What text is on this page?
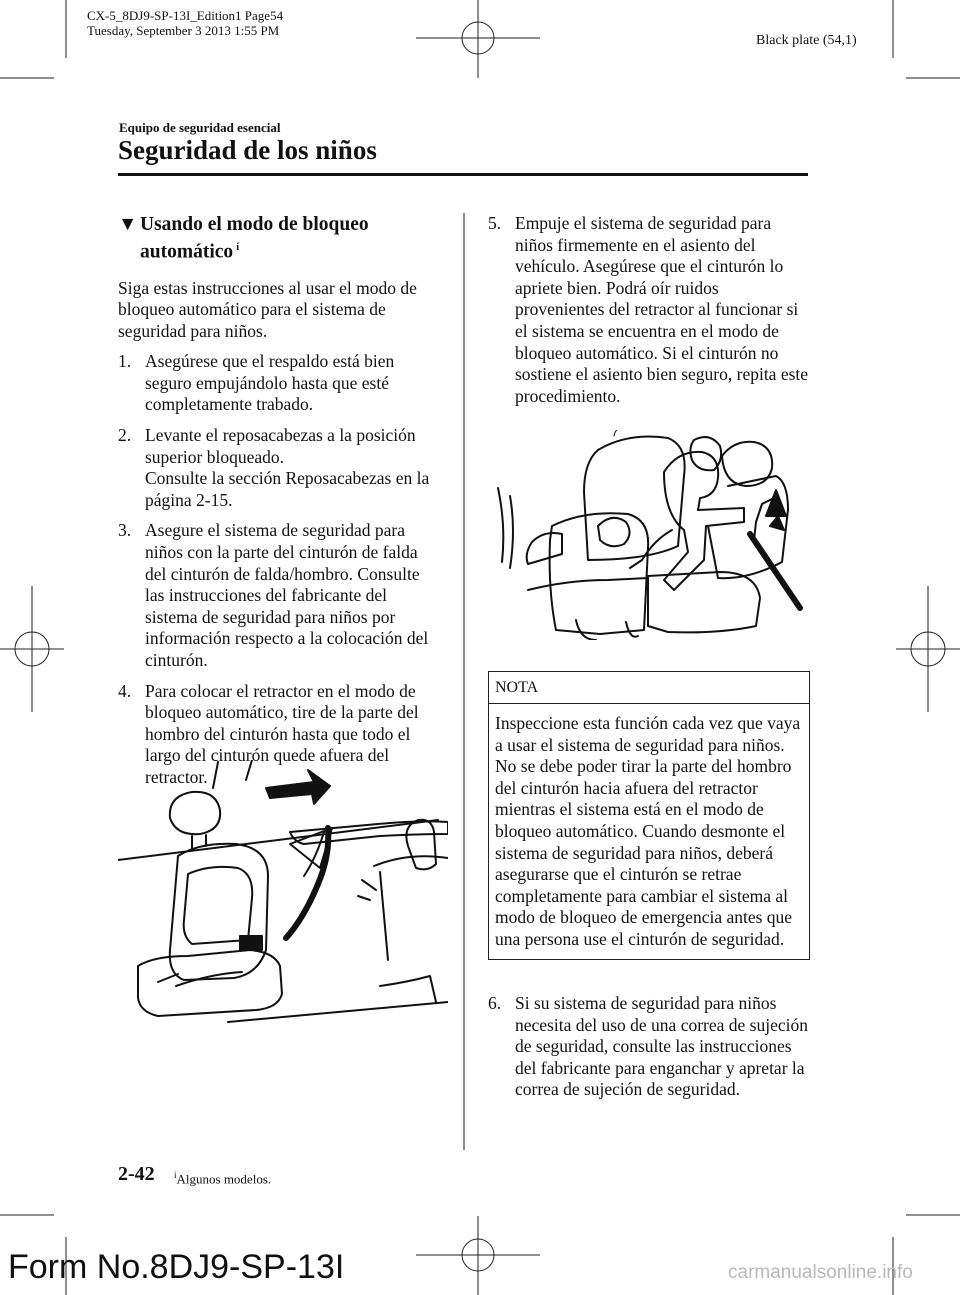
CX-5_8DJ9-SP-13I_Edition1 Page54
Tuesday, September 3 2013 1:55 PM
Black plate (54,1)
Equipo de seguridad esencial
Seguridad de los niños
▼ Usando el modo de bloqueo
automático $^í$

Siga estas instrucciones al usar el modo de bloqueo automático para el sistema de seguridad para niños.

1. Asegúrese que el respaldo está bien seguro empujándolo hasta que esté completamente trabado.
2. Levante el reposacabezas a la posición superior bloqueado.
Consulte la sección Reposacabezas en la página 2-15.
3. Asegure el sistema de seguridad para niños con la parte del cinturón de falda del cinturón de falda/hombro. Consulte las instrucciones del fabricante del sistema de seguridad para niños por información respecto a la colocación del cinturón.
4. Para colocar el retractor en el modo de bloqueo automático, tire de la parte del hombro del cinturón hasta que todo el largo del cinturón quede afuera del retractor.
5. Empuje el sistema de seguridad para niños firmemente en el asiento del vehículo. Asegúrese que el cinturón lo apriete bien. Podrá oír ruidos provenientes del retractor al funcionar si el sistema se encuentra en el modo de bloqueo automático. Si el cinturón no sostiene el asiento bien seguro, repita este procedimiento.
NOTA
Inspeccione esta función cada vez que vaya a usar el sistema de seguridad para niños. No se debe poder tirar la parte del hombro del cinturón hacia afuera del retractor mientras el sistema está en el modo de bloqueo automático. Cuando desmonte el sistema de seguridad para niños, deberá asegurarse que el cinturón se retrae completamente para cambiar el sistema al modo de bloqueo de emergencia antes que una persona use el cinturón de seguridad.
6. Si su sistema de seguridad para niños necesita del uso de una correa de sujeción de seguridad, consulte las instrucciones del fabricante para enganchar y apretar la correa de sujeción de seguridad.
2-42 $^í$Algunos modelos.
Form No.8DJ9-SP-13I	carmanualsonline.info
